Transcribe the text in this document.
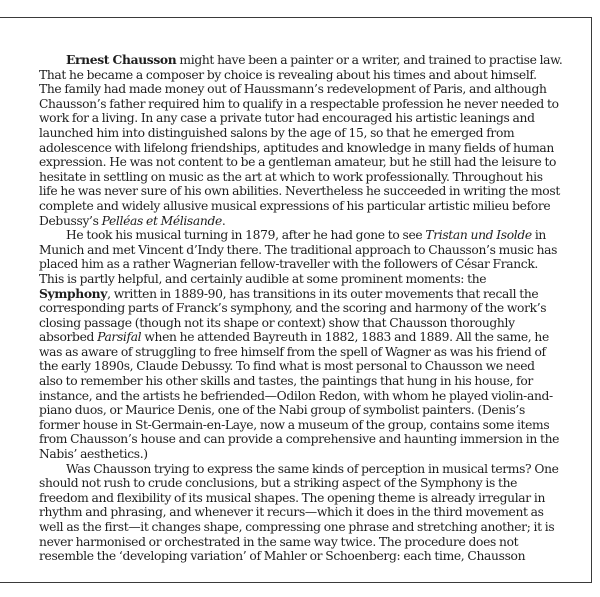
Ernest Chausson might have been a painter or a writer, and trained to practise law.
That he became a composer by choice is revealing about his times and about himself.
The family had made money out of Haussmann’s redevelopment of Paris, and although
Chausson’s father required him to qualify in a respectable profession he never needed to
work for a living. In any case a private tutor had encouraged his artistic leanings and
launched him into distinguished salons by the age of 15, so that he emerged from
adolescence with lifelong friendships, aptitudes and knowledge in many fields of human
expression. He was not content to be a gentleman amateur, but he still had the leisure to
hesitate in settling on music as the art at which to work professionally. Throughout his
life he was never sure of his own abilities. Nevertheless he succeeded in writing the most
complete and widely allusive musical expressions of his particular artistic milieu before
Debussy’s Pelléas et Mélisande.
He took his musical turning in 1879, after he had gone to see Tristan und Isolde in
Munich and met Vincent d’Indy there. The traditional approach to Chausson’s music has
placed him as a rather Wagnerian fellow-traveller with the followers of César Franck.
This is partly helpful, and certainly audible at some prominent moments: the
Symphony, written in 1889-90, has transitions in its outer movements that recall the
corresponding parts of Franck’s symphony, and the scoring and harmony of the work’s
closing passage (though not its shape or context) show that Chausson thoroughly
absorbed Parsifal when he attended Bayreuth in 1882, 1883 and 1889. All the same, he
was as aware of struggling to free himself from the spell of Wagner as was his friend of
the early 1890s, Claude Debussy. To find what is most personal to Chausson we need
also to remember his other skills and tastes, the paintings that hung in his house, for
instance, and the artists he befriended—Odilon Redon, with whom he played violin-and-
piano duos, or Maurice Denis, one of the Nabi group of symbolist painters. (Denis’s
former house in St-Germain-en-Laye, now a museum of the group, contains some items
from Chausson’s house and can provide a comprehensive and haunting immersion in the
Nabis’ aesthetics.)
Was Chausson trying to express the same kinds of perception in musical terms? One
should not rush to crude conclusions, but a striking aspect of the Symphony is the
freedom and flexibility of its musical shapes. The opening theme is already irregular in
rhythm and phrasing, and whenever it recurs—which it does in the third movement as
well as the first—it changes shape, compressing one phrase and stretching another; it is
never harmonised or orchestrated in the same way twice. The procedure does not
resemble the ‘developing variation’ of Mahler or Schoenberg: each time, Chausson
